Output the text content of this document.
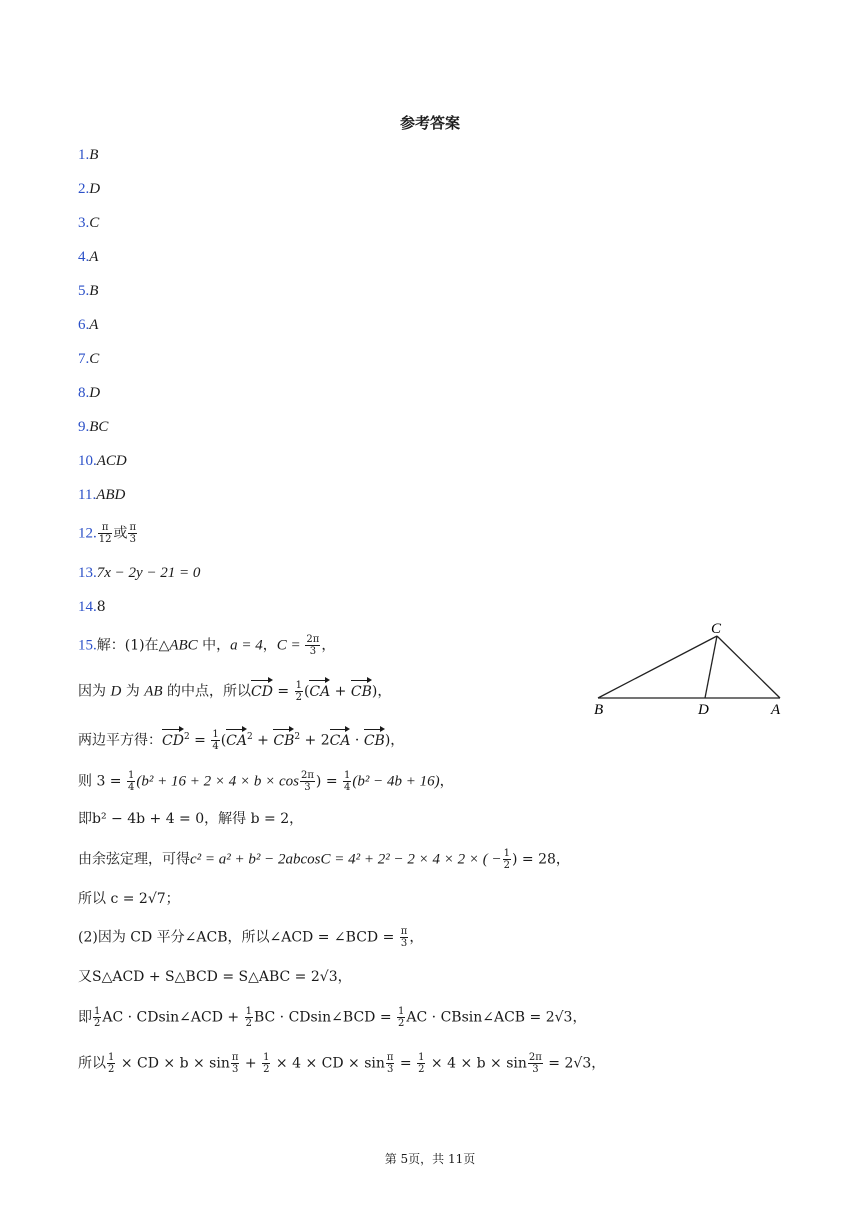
参考答案
1.B
2.D
3.C
4.A
5.B
6.A
7.C
8.D
9.BC
10.ACD
11.ABD
13.7x − 2y − 21 = 0
14.8
12. $\frac{\pi}{12}$ 或 $\frac{\pi}{3}$
15.解：(1)在△ABC 中，a = 4，$C = \frac{2\pi}{3}$ ，
因为 D 为 AB 的中点，所以CD = $\frac{1}{2} (CA + CB)$，
两边平方得：$CD^2 = \frac{1}{4} (CA^2 + CB^2 + 2CA \cdot CB)$，
则 $3 = \frac{1}{4} (b^2 + 16 + 2 \times 4 \times b \times \cos \frac{2\pi}{3}$ ) = $\frac{1}{4} (b^2 - 4b + 16)$，
即b² − 4b + 4 = 0，解得 b = 2，
由余弦定理，可得c² = a² + b² − 2abcosC = 4² + 2² − 2 × 4 × 2 × ( − $\frac{1}{2}$ ) = 28，
所以 c = 2√7；
(2)因为 CD 平分∠ACB，所以∠ACD = ∠BCD = $\frac{\pi}{3}$ ，
又S△ACD + S△BCD = S△ABC = 2√3，
即 $\frac{1}{2}$ AC · CDsin∠ACD + $\frac{1}{2}$ BC · CDsin∠BCD = $\frac{1}{2}$ AC · CBsin∠ACB = 2√3，
所以 $\frac{1}{2}$ × CD × $b \times \sin \frac{\pi}{3} + \frac{1}{2} \times 4$ × CD × $\sin \frac{\pi}{3} = \frac{1}{2} \times 4 \times b \times \sin \frac{2\pi}{3} = 2√3$，
C
B	D	A
第 5页，共 11页
